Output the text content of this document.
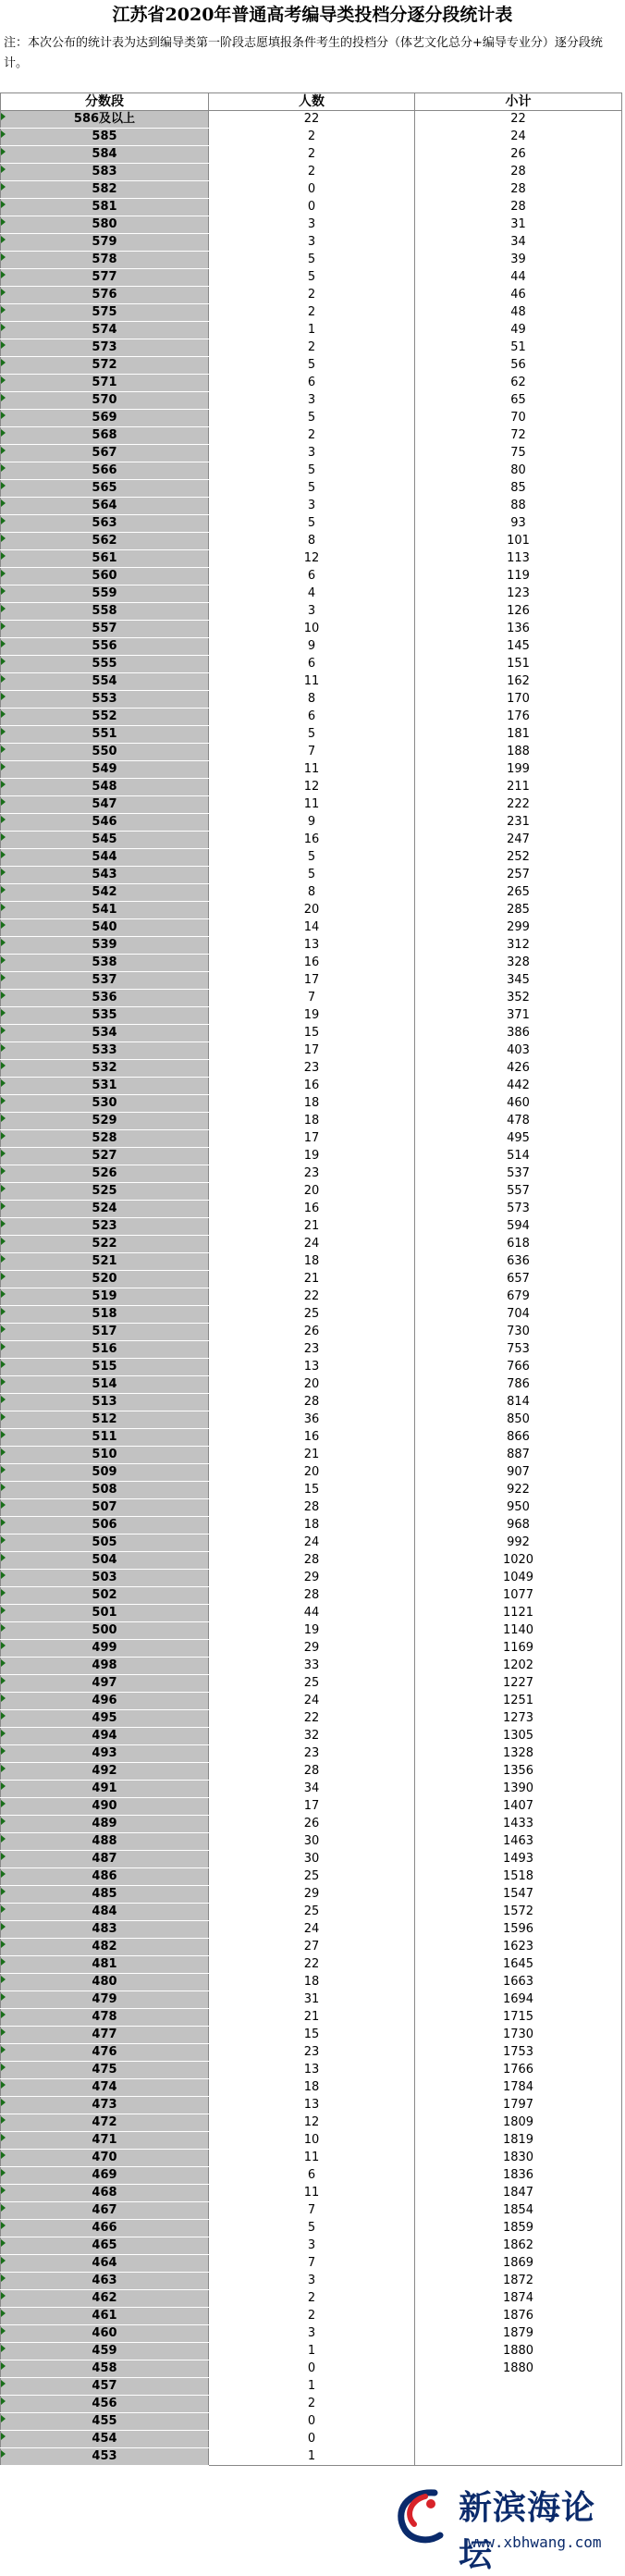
江苏省2020年普通高考编导类投档分逐分段统计表
注：本次公布的统计表为达到编导类第一阶段志愿填报条件考生的投档分（体艺文化总分+编导专业分）逐分段统计。
分数段	人数	小计
586及以上	22	22
585	2	24
584	2	26
583	2	28
582	0	28
581	0	28
580	3	31
579	3	34
578	5	39
577	5	44
576	2	46
575	2	48
574	1	49
573	2	51
572	5	56
571	6	62
570	3	65
569	5	70
568	2	72
567	3	75
566	5	80
565	5	85
564	3	88
563	5	93
562	8	101
561	12	113
560	6	119
559	4	123
558	3	126
557	10	136
556	9	145
555	6	151
554	11	162
553	8	170
552	6	176
551	5	181
550	7	188
549	11	199
548	12	211
547	11	222
546	9	231
545	16	247
544	5	252
543	5	257
542	8	265
541	20	285
540	14	299
539	13	312
538	16	328
537	17	345
536	7	352
535	19	371
534	15	386
533	17	403
532	23	426
531	16	442
530	18	460
529	18	478
528	17	495
527	19	514
526	23	537
525	20	557
524	16	573
523	21	594
522	24	618
521	18	636
520	21	657
519	22	679
518	25	704
517	26	730
516	23	753
515	13	766
514	20	786
513	28	814
512	36	850
511	16	866
510	21	887
509	20	907
508	15	922
507	28	950
506	18	968
505	24	992
504	28	1020
503	29	1049
502	28	1077
501	44	1121
500	19	1140
499	29	1169
498	33	1202
497	25	1227
496	24	1251
495	22	1273
494	32	1305
493	23	1328
492	28	1356
491	34	1390
490	17	1407
489	26	1433
488	30	1463
487	30	1493
486	25	1518
485	29	1547
484	25	1572
483	24	1596
482	27	1623
481	22	1645
480	18	1663
479	31	1694
478	21	1715
477	15	1730
476	23	1753
475	13	1766
474	18	1784
473	13	1797
472	12	1809
471	10	1819
470	11	1830
469	6	1836
468	11	1847
467	7	1854
466	5	1859
465	3	1862
464	7	1869
463	3	1872
462	2	1874
461	2	1876
460	3	1879
459	1	1880
458	0	1880
457	1	
456	2	
455	0	
454	0	
453	1	
新滨海论坛
www.xbhwang.com
